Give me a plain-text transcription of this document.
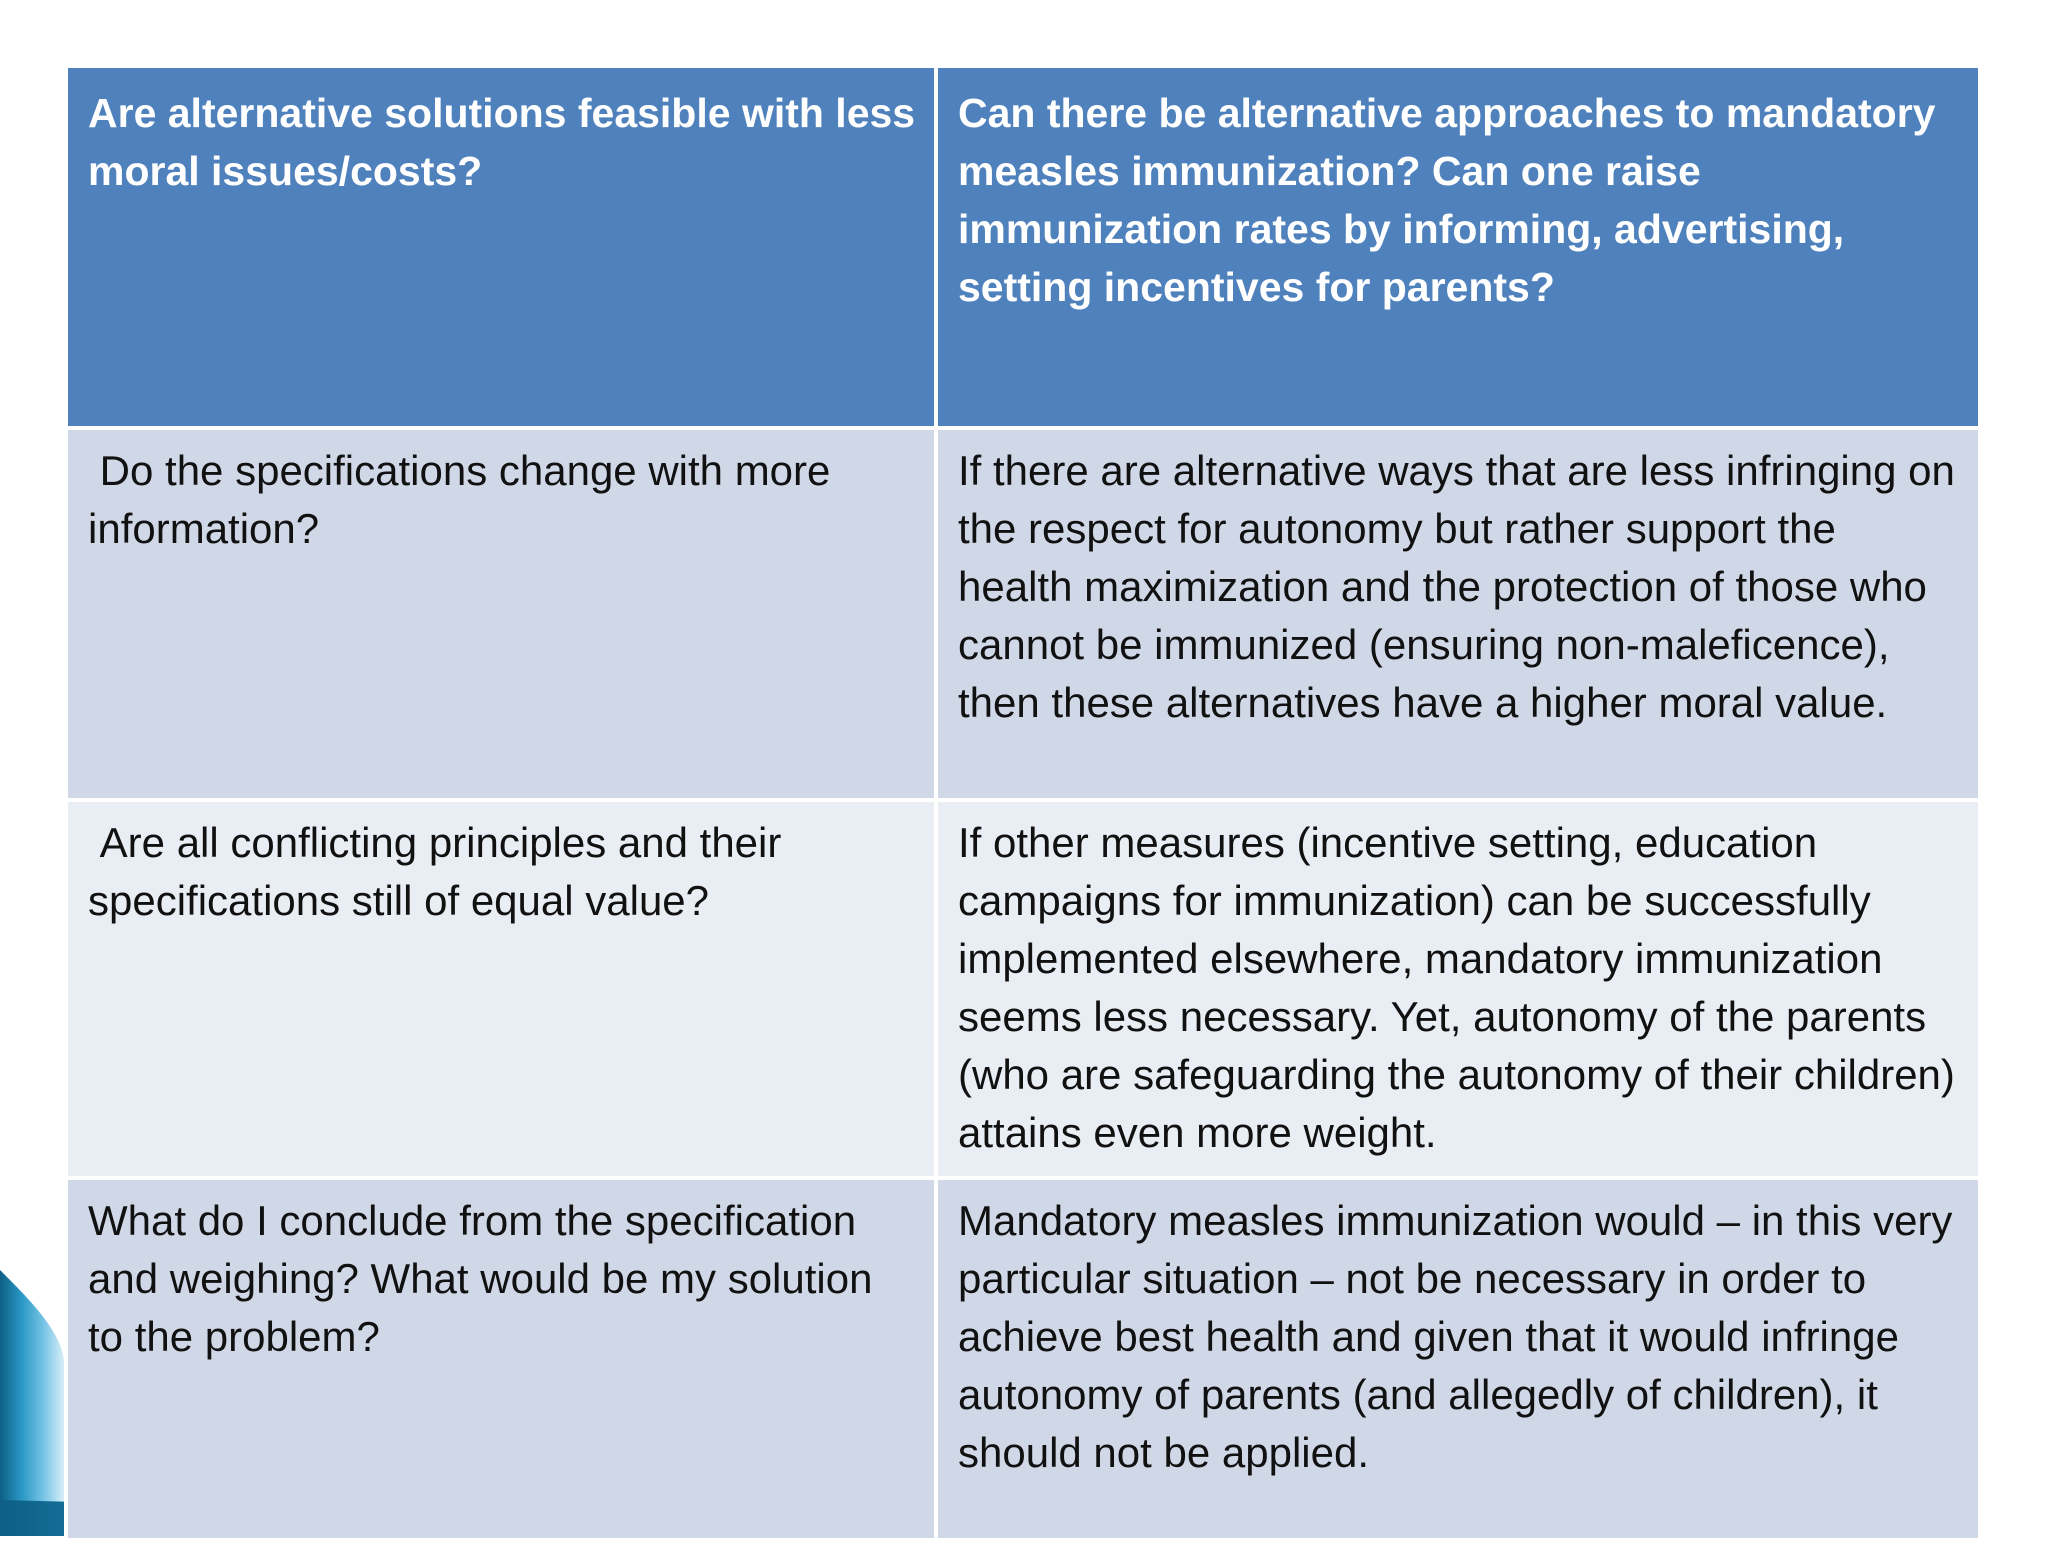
Are alternative solutions feasible with less moral issues/costs?	Can there be alternative approaches to mandatory measles immunization? Can one raise immunization rates by informing, advertising, setting incentives for parents?
Do the specifications change with more information?	If there are alternative ways that are less infringing on the respect for autonomy but rather support the health maximization and the protection of those who cannot be immunized (ensuring non-maleficence), then these alternatives have a higher moral value.
Are all conflicting principles and their specifications still of equal value?	If other measures (incentive setting, education campaigns for immunization) can be successfully implemented elsewhere, mandatory immunization seems less necessary. Yet, autonomy of the parents (who are safeguarding the autonomy of their children) attains even more weight.
What do I conclude from the specification and weighing? What would be my solution to the problem?	Mandatory measles immunization would – in this very particular situation – not be necessary in order to achieve best health and given that it would infringe autonomy of parents (and allegedly of children), it should not be applied.
